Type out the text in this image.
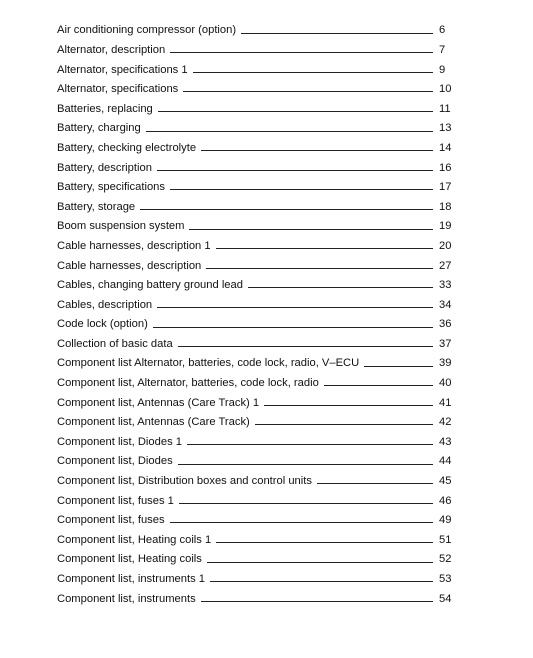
Air conditioning compressor (option)	6
Alternator, description	7
Alternator, specifications 1	9
Alternator, specifications	10
Batteries, replacing	11
Battery, charging	13
Battery, checking electrolyte	14
Battery, description	16
Battery, specifications	17
Battery, storage	18
Boom suspension system	19
Cable harnesses, description 1	20
Cable harnesses, description	27
Cables, changing battery ground lead	33
Cables, description	34
Code lock (option)	36
Collection of basic data	37
Component list Alternator, batteries, code lock, radio, V–ECU	39
Component list, Alternator, batteries, code lock, radio	40
Component list, Antennas (Care Track) 1	41
Component list, Antennas (Care Track)	42
Component list, Diodes 1	43
Component list, Diodes	44
Component list, Distribution boxes and control units	45
Component list, fuses 1	46
Component list, fuses	49
Component list, Heating coils 1	51
Component list, Heating coils	52
Component list, instruments 1	53
Component list, instruments	54
